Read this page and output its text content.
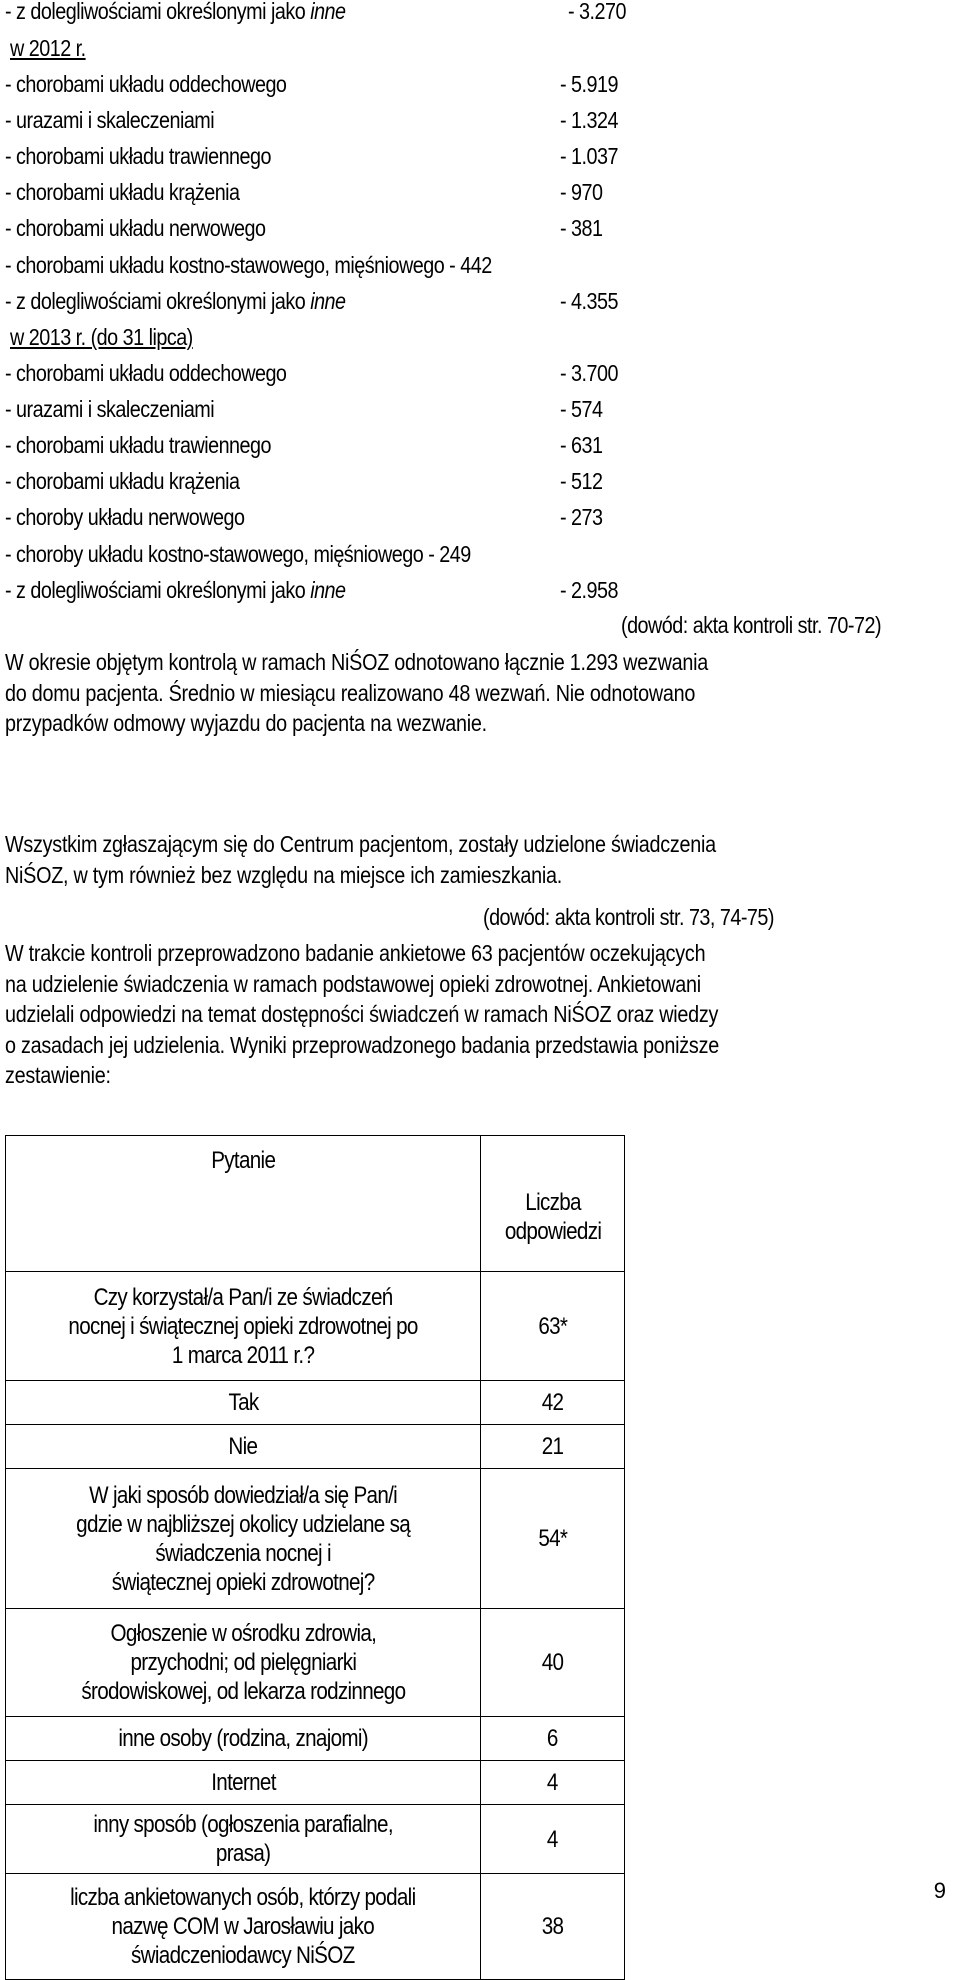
- z dolegliwościami określonymi jako inne	- 3.270
w 2012 r.
- chorobami układu oddechowego	- 5.919
- urazami i skaleczeniami	- 1.324
- chorobami układu trawiennego	- 1.037
- chorobami układu krążenia	- 970
- chorobami układu nerwowego	- 381
- chorobami układu kostno-stawowego, mięśniowego - 442
- z dolegliwościami określonymi jako inne	- 4.355
w 2013 r. (do 31 lipca)
- chorobami układu oddechowego	- 3.700
- urazami i skaleczeniami	- 574
- chorobami układu trawiennego	- 631
- chorobami układu krążenia	- 512
- choroby układu nerwowego	- 273
- choroby układu kostno-stawowego, mięśniowego - 249
- z dolegliwościami określonymi jako inne	- 2.958
(dowód: akta kontroli str. 70-72)
W okresie objętym kontrolą w ramach NiŚOZ odnotowano łącznie 1.293 wezwania
do domu pacjenta. Średnio w miesiącu realizowano 48 wezwań. Nie odnotowano
przypadków odmowy wyjazdu do pacjenta na wezwanie.
Wszystkim zgłaszającym się do Centrum pacjentom, zostały udzielone świadczenia
NiŚOZ, w tym również bez względu na miejsce ich zamieszkania.
(dowód: akta kontroli str. 73, 74-75)
W trakcie kontroli przeprowadzono badanie ankietowe 63 pacjentów oczekujących
na udzielenie świadczenia w ramach podstawowej opieki zdrowotnej. Ankietowani
udzielali odpowiedzi na temat dostępności świadczeń w ramach NiŚOZ oraz wiedzy
o zasadach jej udzielenia. Wyniki przeprowadzonego badania przedstawia poniższe
zestawienie:
Pytanie	Liczba
odpowiedzi
Czy korzystał/a Pan/i ze świadczeń
nocnej i świątecznej opieki zdrowotnej po
1 marca 2011 r.?	63*
Tak	42
Nie	21
W jaki sposób dowiedział/a się Pan/i
gdzie w najbliższej okolicy udzielane są
świadczenia nocnej i
świątecznej opieki zdrowotnej?	54*
Ogłoszenie w ośrodku zdrowia,
przychodni; od pielęgniarki
środowiskowej, od lekarza rodzinnego	40
inne osoby (rodzina, znajomi)	6
Internet	4
inny sposób (ogłoszenia parafialne,
prasa)	4
liczba ankietowanych osób, którzy podali
nazwę COM w Jarosławiu jako
świadczeniodawcy NiŚOZ	38
9
